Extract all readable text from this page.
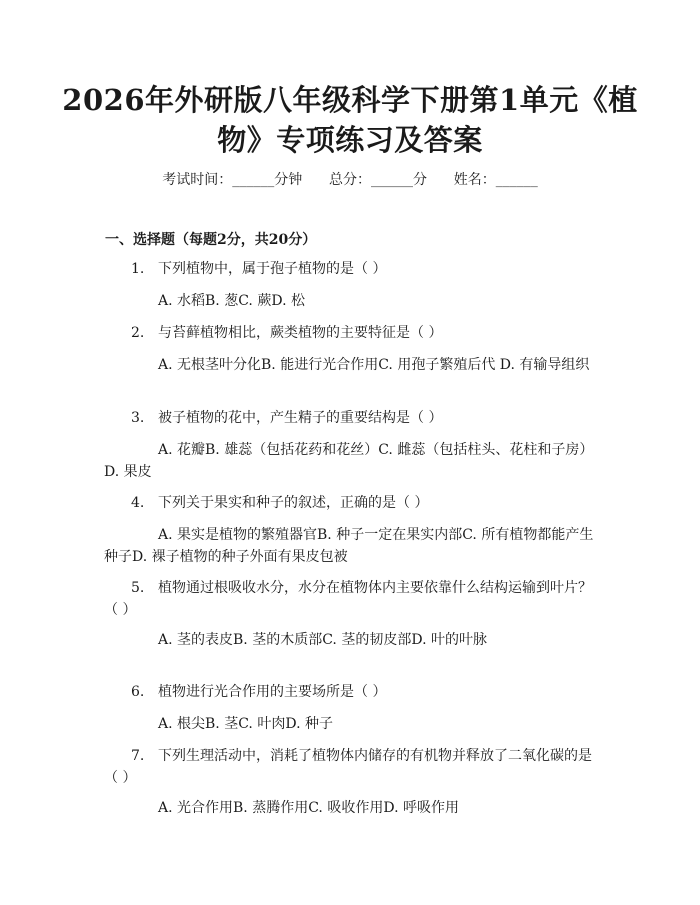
2026年外研版八年级科学下册第1单元《植
物》专项练习及答案
考试时间：______分钟      总分：______分      姓名：______
一、选择题（每题2分，共20分）

1. 下列植物中，属于孢子植物的是（ ）

A. 水稻B. 葱C. 蕨D. 松

2. 与苔藓植物相比，蕨类植物的主要特征是（ ）

A. 无根茎叶分化B. 能进行光合作用C. 用孢子繁殖后代 D. 有输导组织

3. 被子植物的花中，产生精子的重要结构是（ ）

A. 花瓣B. 雄蕊（包括花药和花丝）C. 雌蕊（包括柱头、花柱和子房）D. 果皮

4. 下列关于果实和种子的叙述，正确的是（ ）

A. 果实是植物的繁殖器官B. 种子一定在果实内部C. 所有植物都能产生种子D. 裸子植物的种子外面有果皮包被

5. 植物通过根吸收水分，水分在植物体内主要依靠什么结构运输到叶片？（ ）

A. 茎的表皮B. 茎的木质部C. 茎的韧皮部D. 叶的叶脉

6. 植物进行光合作用的主要场所是（ ）

A. 根尖B. 茎C. 叶肉D. 种子

7. 下列生理活动中，消耗了植物体内储存的有机物并释放了二氧化碳的是（ ）

A. 光合作用B. 蒸腾作用C. 吸收作用D. 呼吸作用
